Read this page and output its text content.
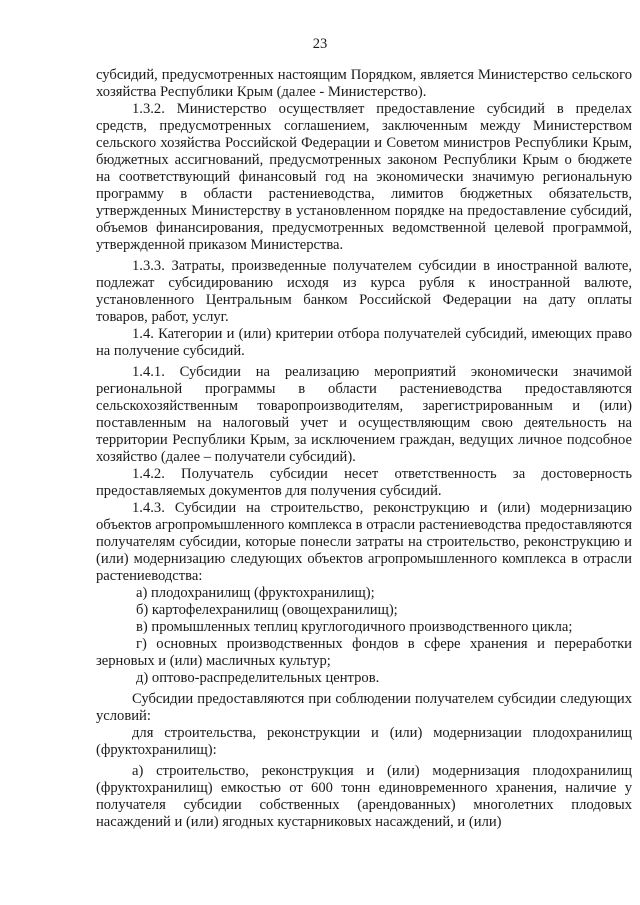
23

субсидий, предусмотренных настоящим Порядком, является Министерство сельского хозяйства Республики Крым (далее - Министерство).

1.3.2. Министерство осуществляет предоставление субсидий в пределах средств, предусмотренных соглашением, заключенным между Министерством сельского хозяйства Российской Федерации и Советом министров Республики Крым, бюджетных ассигнований, предусмотренных законом Республики Крым о бюджете на соответствующий финансовый год на экономически значимую региональную программу в области растениеводства, лимитов бюджетных обязательств, утвержденных Министерству в установленном порядке на предоставление субсидий, объемов финансирования, предусмотренных ведомственной целевой программой, утвержденной приказом Министерства.

1.3.3. Затраты, произведенные получателем субсидии в иностранной валюте, подлежат субсидированию исходя из курса рубля к иностранной валюте, установленного Центральным банком Российской Федерации на дату оплаты товаров, работ, услуг.

1.4. Категории и (или) критерии отбора получателей субсидий, имеющих право на получение субсидий.

1.4.1. Субсидии на реализацию мероприятий экономически значимой региональной программы в области растениеводства предоставляются сельскохозяйственным товаропроизводителям, зарегистрированным и (или) поставленным на налоговый учет и осуществляющим свою деятельность на территории Республики Крым, за исключением граждан, ведущих личное подсобное хозяйство (далее – получатели субсидий).

1.4.2. Получатель субсидии несет ответственность за достоверность предоставляемых документов для получения субсидий.

1.4.3. Субсидии на строительство, реконструкцию и (или) модернизацию объектов агропромышленного комплекса в отрасли растениеводства предоставляются получателям субсидии, которые понесли затраты на строительство, реконструкцию и (или) модернизацию следующих объектов агропромышленного комплекса в отрасли растениеводства:

а) плодохранилищ (фруктохранилищ);

б) картофелехранилищ (овощехранилищ);

в) промышленных теплиц круглогодичного производственного цикла;

г) основных производственных фондов в сфере хранения и переработки зерновых и (или) масличных культур;

д) оптово-распределительных центров.

Субсидии предоставляются при соблюдении получателем субсидии следующих условий:

для строительства, реконструкции и (или) модернизации плодохранилищ (фруктохранилищ):

а) строительство, реконструкция и (или) модернизация плодохранилищ (фруктохранилищ) емкостью от 600 тонн единовременного хранения, наличие у получателя субсидии собственных (арендованных) многолетних плодовых насаждений и (или) ягодных кустарниковых насаждений, и (или)
